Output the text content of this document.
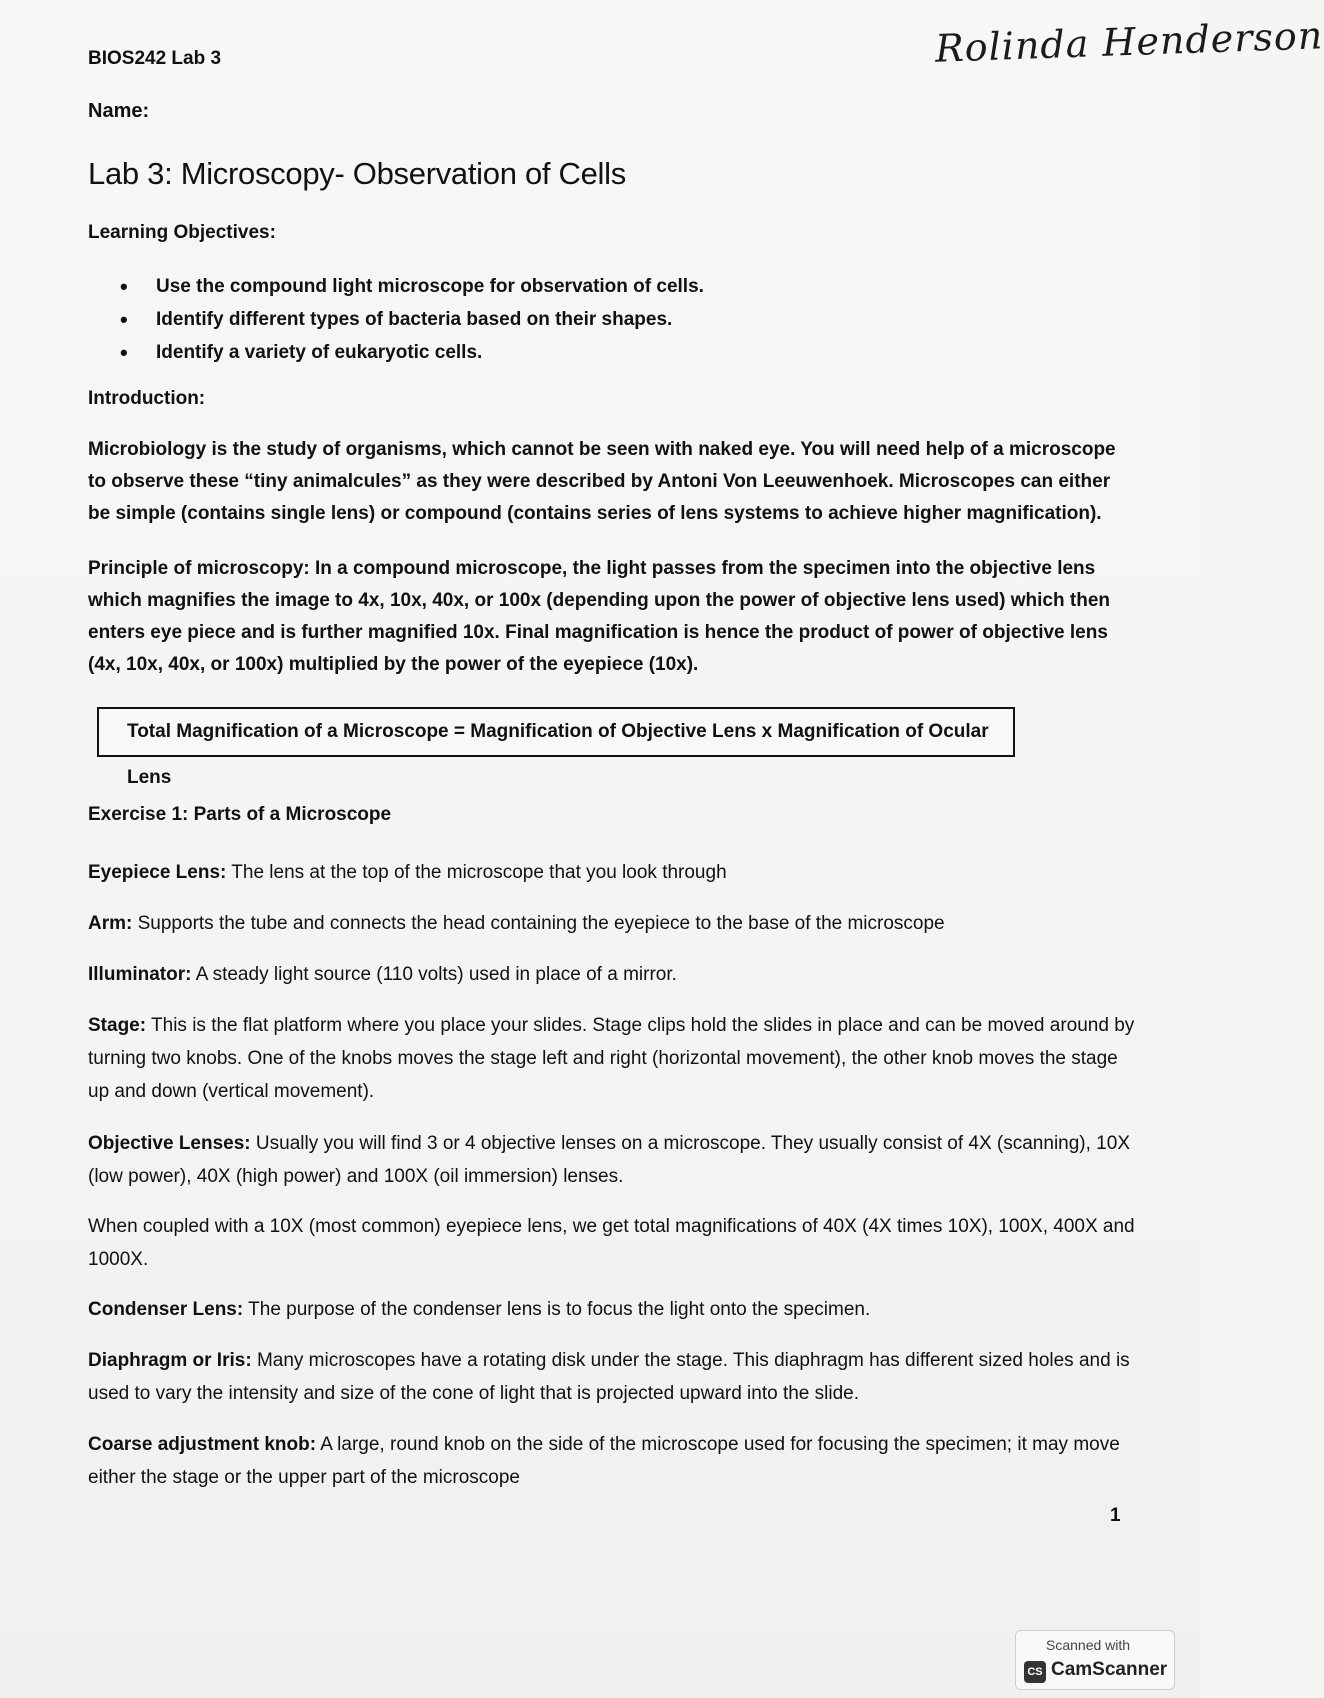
BIOS242 Lab 3	Rolinda Henderson
Name:
Lab 3: Microscopy- Observation of Cells
Learning Objectives:
• Use the compound light microscope for observation of cells.
• Identify different types of bacteria based on their shapes.
• Identify a variety of eukaryotic cells.
Introduction:

Microbiology is the study of organisms, which cannot be seen with naked eye. You will need help of a microscope to observe these “tiny animalcules” as they were described by Antoni Von Leeuwenhoek. Microscopes can either be simple (contains single lens) or compound (contains series of lens systems to achieve higher magnification).

Principle of microscopy: In a compound microscope, the light passes from the specimen into the objective lens which magnifies the image to 4x, 10x, 40x, or 100x (depending upon the power of objective lens used) which then enters eye piece and is further magnified 10x. Final magnification is hence the product of power of objective lens (4x, 10x, 40x, or 100x) multiplied by the power of the eyepiece (10x).

Total Magnification of a Microscope = Magnification of Objective Lens x Magnification of Ocular Lens
Exercise 1: Parts of a Microscope

Eyepiece Lens: The lens at the top of the microscope that you look through

Arm: Supports the tube and connects the head containing the eyepiece to the base of the microscope

Illuminator: A steady light source (110 volts) used in place of a mirror.

Stage: This is the flat platform where you place your slides. Stage clips hold the slides in place and can be moved around by turning two knobs. One of the knobs moves the stage left and right (horizontal movement), the other knob moves the stage up and down (vertical movement).

Objective Lenses: Usually you will find 3 or 4 objective lenses on a microscope. They usually consist of 4X (scanning), 10X (low power), 40X (high power) and 100X (oil immersion) lenses.

When coupled with a 10X (most common) eyepiece lens, we get total magnifications of 40X (4X times 10X), 100X, 400X and 1000X.

Condenser Lens: The purpose of the condenser lens is to focus the light onto the specimen.

Diaphragm or Iris: Many microscopes have a rotating disk under the stage. This diaphragm has different sized holes and is used to vary the intensity and size of the cone of light that is projected upward into the slide.

Coarse adjustment knob: A large, round knob on the side of the microscope used for focusing the specimen; it may move either the stage or the upper part of the microscope

1
Scanned with
CS CamScanner
